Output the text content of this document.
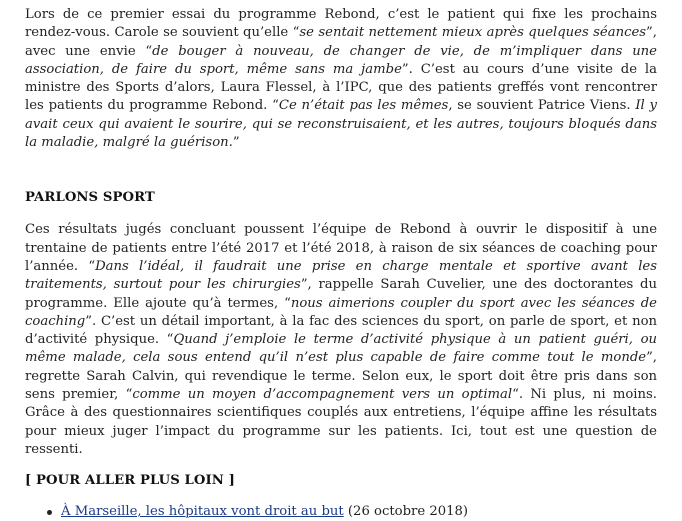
Lors de ce premier essai du programme Rebond, c’est le patient qui fixe les prochains rendez-vous. Carole se souvient qu’elle “se sentait nettement mieux après quelques séances”, avec une envie “de bouger à nouveau, de changer de vie, de m’impliquer dans une association, de faire du sport, même sans ma jambe”. C’est au cours d’une visite de la ministre des Sports d’alors, Laura Flessel, à l’IPC, que des patients greffés vont rencontrer les patients du programme Rebond. “Ce n’était pas les mêmes, se souvient Patrice Viens. Il y avait ceux qui avaient le sourire, qui se reconstruisaient, et les autres, toujours bloqués dans la maladie, malgré la guérison.”

PARLONS SPORT

Ces résultats jugés concluant poussent l’équipe de Rebond à ouvrir le dispositif à une trentaine de patients entre l’été 2017 et l’été 2018, à raison de six séances de coaching pour l’année. “Dans l’idéal, il faudrait une prise en charge mentale et sportive avant les traitements, surtout pour les chirurgies”, rappelle Sarah Cuvelier, une des doctorantes du programme. Elle ajoute qu’à termes, “nous aimerions coupler du sport avec les séances de coaching”. C’est un détail important, à la fac des sciences du sport, on parle de sport, et non d’activité physique. “Quand j’emploie le terme d’activité physique à un patient guéri, ou même malade, cela sous entend qu’il n’est plus capable de faire comme tout le monde”, regrette Sarah Calvin, qui revendique le terme. Selon eux, le sport doit être pris dans son sens premier, “comme un moyen d’accompagnement vers un optimal“. Ni plus, ni moins. Grâce à des questionnaires scientifiques couplés aux entretiens, l’équipe affine les résultats pour mieux juger l’impact du programme sur les patients. Ici, tout est une question de ressenti.

[ POUR ALLER PLUS LOIN ]
À Marseille, les hôpitaux vont droit au but (26 octobre 2018)
